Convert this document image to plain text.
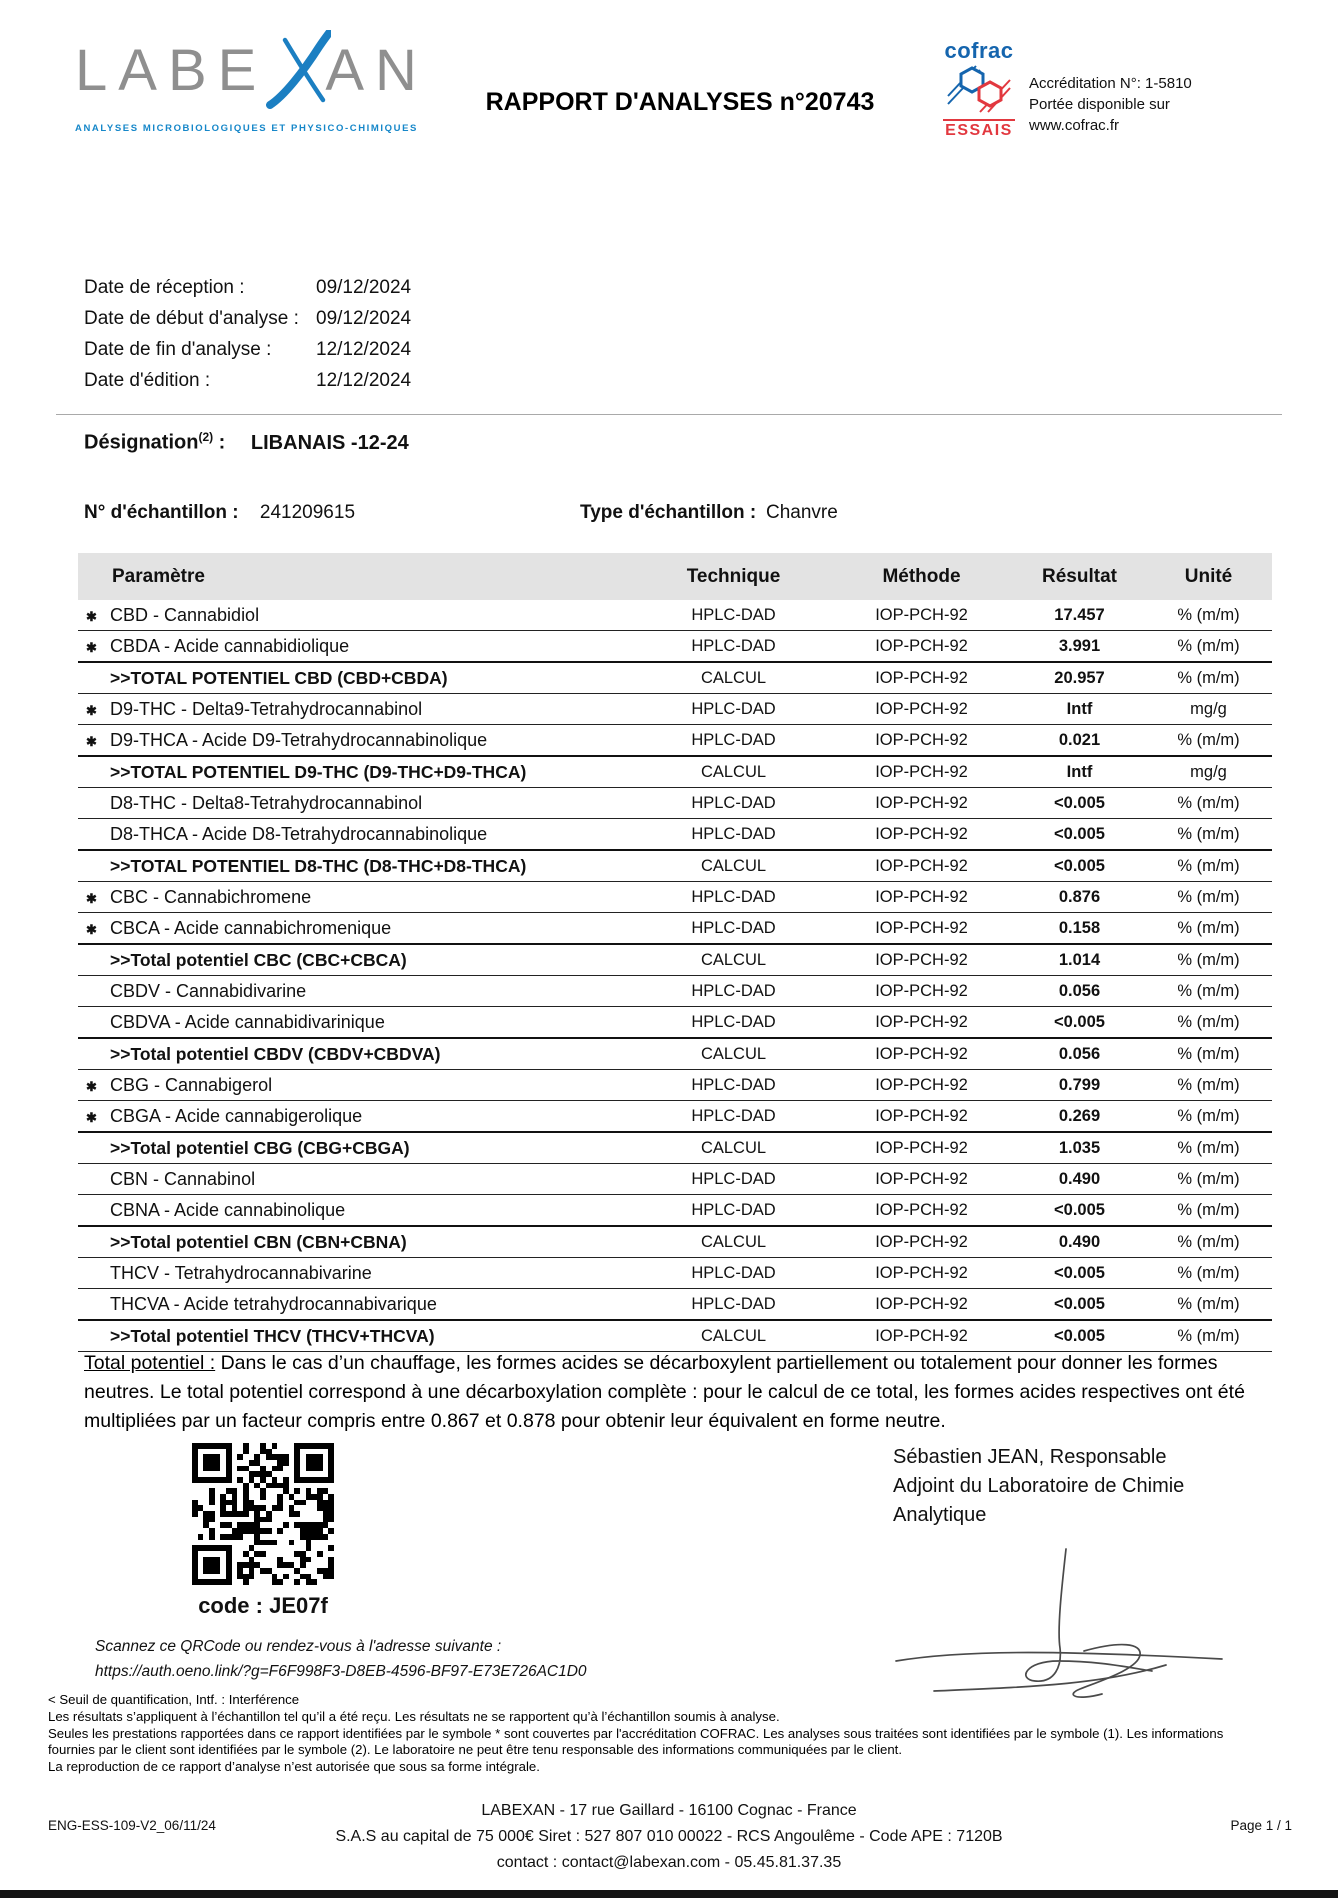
LABE AN
ANALYSES MICROBIOLOGIQUES ET PHYSICO-CHIMIQUES
RAPPORT D'ANALYSES n°20743
cofrac
ESSAIS
Accréditation N°: 1-5810
Portée disponible sur
www.cofrac.fr
Date de réception :	09/12/2024
Date de début d'analyse : 09/12/2024
Date de fin d'analyse :	12/12/2024
Date d'édition :	12/12/2024
Désignation$^{(2)}$ : LIBANAIS -12-24
N° d'échantillon : 241209615	Type d'échantillon : Chanvre
Paramètre	Technique	Méthode	Résultat	Unité
✱ CBD - Cannabidiol	HPLC-DAD	IOP-PCH-92	17.457	% (m/m)
✱ CBDA - Acide cannabidiolique	HPLC-DAD	IOP-PCH-92	3.991	% (m/m)
>>TOTAL POTENTIEL CBD (CBD+CBDA)	CALCUL	IOP-PCH-92	20.957	% (m/m)
✱ D9-THC - Delta9-Tetrahydrocannabinol	HPLC-DAD	IOP-PCH-92	Intf	mg/g
✱ D9-THCA - Acide D9-Tetrahydrocannabinolique	HPLC-DAD	IOP-PCH-92	0.021	% (m/m)
>>TOTAL POTENTIEL D9-THC (D9-THC+D9-THCA)	CALCUL	IOP-PCH-92	Intf	mg/g
D8-THC - Delta8-Tetrahydrocannabinol	HPLC-DAD	IOP-PCH-92	<0.005	% (m/m)
D8-THCA - Acide D8-Tetrahydrocannabinolique	HPLC-DAD	IOP-PCH-92	<0.005	% (m/m)
>>TOTAL POTENTIEL D8-THC (D8-THC+D8-THCA)	CALCUL	IOP-PCH-92	<0.005	% (m/m)
✱ CBC - Cannabichromene	HPLC-DAD	IOP-PCH-92	0.876	% (m/m)
✱ CBCA - Acide cannabichromenique	HPLC-DAD	IOP-PCH-92	0.158	% (m/m)
>>Total potentiel CBC (CBC+CBCA)	CALCUL	IOP-PCH-92	1.014	% (m/m)
CBDV - Cannabidivarine	HPLC-DAD	IOP-PCH-92	0.056	% (m/m)
CBDVA - Acide cannabidivarinique	HPLC-DAD	IOP-PCH-92	<0.005	% (m/m)
>>Total potentiel CBDV (CBDV+CBDVA)	CALCUL	IOP-PCH-92	0.056	% (m/m)
✱ CBG - Cannabigerol	HPLC-DAD	IOP-PCH-92	0.799	% (m/m)
✱ CBGA - Acide cannabigerolique	HPLC-DAD	IOP-PCH-92	0.269	% (m/m)
>>Total potentiel CBG (CBG+CBGA)	CALCUL	IOP-PCH-92	1.035	% (m/m)
CBN - Cannabinol	HPLC-DAD	IOP-PCH-92	0.490	% (m/m)
CBNA - Acide cannabinolique	HPLC-DAD	IOP-PCH-92	<0.005	% (m/m)
>>Total potentiel CBN (CBN+CBNA)	CALCUL	IOP-PCH-92	0.490	% (m/m)
THCV - Tetrahydrocannabivarine	HPLC-DAD	IOP-PCH-92	<0.005	% (m/m)
THCVA - Acide tetrahydrocannabivarique	HPLC-DAD	IOP-PCH-92	<0.005	% (m/m)
>>Total potentiel THCV (THCV+THCVA)	CALCUL	IOP-PCH-92	<0.005	% (m/m)
Total potentiel : Dans le cas d’un chauffage, les formes acides se décarboxylent partiellement ou totalement pour donner les formes neutres. Le total potentiel correspond à une décarboxylation complète : pour le calcul de ce total, les formes acides respectives ont été multipliées par un facteur compris entre 0.867 et 0.878 pour obtenir leur équivalent en forme neutre.
code : JE07f
Scannez ce QRCode ou rendez-vous à l'adresse suivante :
https://auth.oeno.link/?g=F6F998F3-D8EB-4596-BF97-E73E726AC1D0
Sébastien JEAN, Responsable
Adjoint du Laboratoire de Chimie
Analytique
< Seuil de quantification, Intf. : Interférence
Les résultats s’appliquent à l’échantillon tel qu’il a été reçu. Les résultats ne se rapportent qu’à l’échantillon soumis à analyse.
Seules les prestations rapportées dans ce rapport identifiées par le symbole * sont couvertes par l'accréditation COFRAC. Les analyses sous traitées sont identifiées par le symbole (1). Les informations
fournies par le client sont identifiées par le symbole (2). Le laboratoire ne peut être tenu responsable des informations communiquées par le client.
La reproduction de ce rapport d’analyse n’est autorisée que sous sa forme intégrale.
LABEXAN - 17 rue Gaillard - 16100 Cognac - France
S.A.S au capital de 75 000€ Siret : 527 807 010 00022 - RCS Angoulême - Code APE : 7120B
contact : contact@labexan.com - 05.45.81.37.35
ENG-ESS-109-V2_06/11/24	Page 1 / 1
